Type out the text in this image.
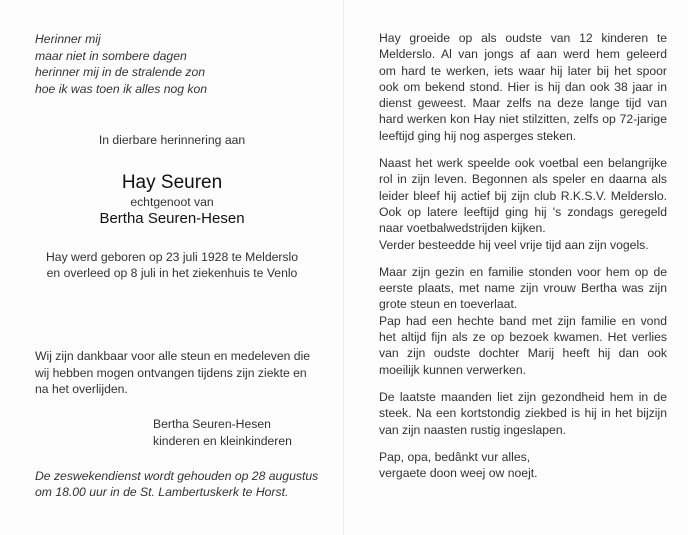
Herinner mij
maar niet in sombere dagen
herinner mij in de stralende zon
hoe ik was toen ik alles nog kon
In dierbare herinnering aan
Hay Seuren
echtgenoot van
Bertha Seuren-Hesen
Hay werd geboren op 23 juli 1928 te Melderslo
en overleed op 8 juli in het ziekenhuis te Venlo
Wij zijn dankbaar voor alle steun en medeleven die
wij hebben mogen ontvangen tijdens zijn ziekte en
na het overlijden.
Bertha Seuren-Hesen
kinderen en kleinkinderen
De zeswekendienst wordt gehouden op 28 augustus
om 18.00 uur in de St. Lambertuskerk te Horst.
Hay groeide op als oudste van 12 kinderen te
Melderslo. Al van jongs af aan werd hem geleerd
om hard te werken, iets waar hij later bij het spoor
ook om bekend stond. Hier is hij dan ook 38 jaar in
dienst geweest. Maar zelfs na deze lange tijd van
hard werken kon Hay niet stilzitten, zelfs op 72-jarige
leeftijd ging hij nog asperges steken.
Naast het werk speelde ook voetbal een belangrijke
rol in zijn leven. Begonnen als speler en daarna als
leider bleef hij actief bij zijn club R.K.S.V. Melderslo.
Ook op latere leeftijd ging hij 's zondags geregeld
naar voetbalwedstrijden kijken.
Verder besteedde hij veel vrije tijd aan zijn vogels.
Maar zijn gezin en familie stonden voor hem op de
eerste plaats, met name zijn vrouw Bertha was zijn
grote steun en toeverlaat.
Pap had een hechte band met zijn familie en vond
het altijd fijn als ze op bezoek kwamen. Het verlies
van zijn oudste dochter Marij heeft hij dan ook
moeilijk kunnen verwerken.
De laatste maanden liet zijn gezondheid hem in de
steek. Na een kortstondig ziekbed is hij in het bijzijn
van zijn naasten rustig ingeslapen.
Pap, opa, bedânkt vur alles,
vergaete doon weej ow noejt.
